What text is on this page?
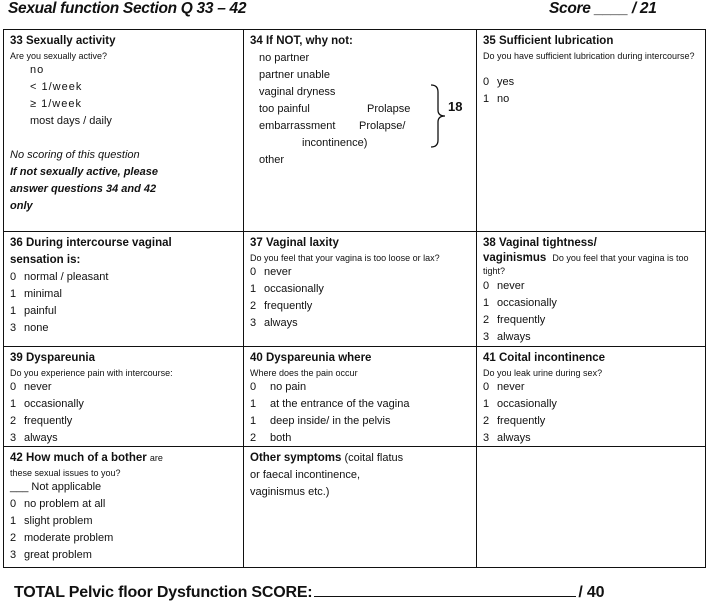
Sexual function Section Q 33 – 42	Score ____ / 21
33 Sexually activity
Are you sexually active?
no
< 1/week
≥ 1/week
most days / daily
No scoring of this question
If not sexually active, please
answer questions 34 and 42
only
34 If NOT, why not:
no partner
partner unable
vaginal dryness
too painful	Prolapse
embarrassment Prolapse/
incontinence)
other
18
35 Sufficient lubrication
Do you have sufficient lubrication during intercourse?
0 yes
1 no
36 During intercourse vaginal
sensation is:
0 normal / pleasant
1 minimal
1 painful
3 none
37 Vaginal laxity
Do you feel that your vagina is too loose or lax?
0 never
1 occasionally
2 frequently
3 always
38 Vaginal tightness/
vaginismus Do you feel that your vagina is too tight?
0 never
1 occasionally
2 frequently
3 always
39 Dyspareunia
Do you experience pain with intercourse:
0 never
1 occasionally
2 frequently
3 always
40 Dyspareunia where
Where does the pain occur
0 no pain
1 at the entrance of the vagina
1 deep inside/ in the pelvis
2 both
41 Coital incontinence
Do you leak urine during sex?
0 never
1 occasionally
2 frequently
3 always
42 How much of a bother are
these sexual issues to you?
___ Not applicable
0 no problem at all
1 slight problem
2 moderate problem
3 great problem
Other symptoms (coital flatus
or faecal incontinence,
vaginismus etc.)
TOTAL Pelvic floor Dysfunction SCORE:	/ 40
